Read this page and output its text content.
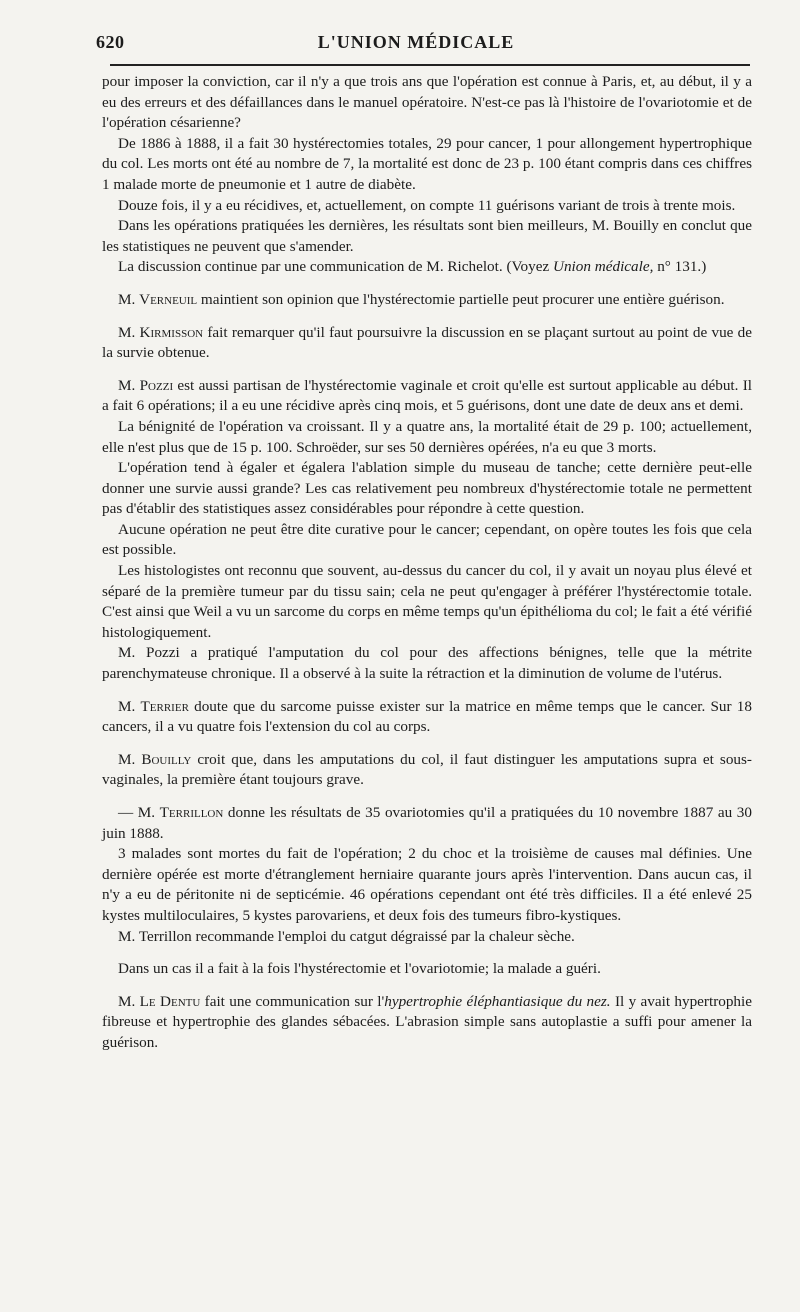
620	L'UNION MÉDICALE

pour imposer la conviction, car il n'y a que trois ans que l'opération est connue à Paris, et, au début, il y a eu des erreurs et des défaillances dans le manuel opératoire. N'est-ce pas là l'histoire de l'ovariotomie et de l'opération césarienne?

De 1886 à 1888, il a fait 30 hystérectomies totales, 29 pour cancer, 1 pour allongement hypertrophique du col. Les morts ont été au nombre de 7, la mortalité est donc de 23 p. 100 étant compris dans ces chiffres 1 malade morte de pneumonie et 1 autre de diabète.

Douze fois, il y a eu récidives, et, actuellement, on compte 11 guérisons variant de trois à trente mois.

Dans les opérations pratiquées les dernières, les résultats sont bien meilleurs, M. Bouilly en conclut que les statistiques ne peuvent que s'amender.

La discussion continue par une communication de M. Richelot. (Voyez Union médicale, n° 131.)

M. Verneuil maintient son opinion que l'hystérectomie partielle peut procurer une entière guérison.

M. Kirmisson fait remarquer qu'il faut poursuivre la discussion en se plaçant surtout au point de vue de la survie obtenue.

M. Pozzi est aussi partisan de l'hystérectomie vaginale et croit qu'elle est surtout applicable au début. Il a fait 6 opérations; il a eu une récidive après cinq mois, et 5 guérisons, dont une date de deux ans et demi.

La bénignité de l'opération va croissant. Il y a quatre ans, la mortalité était de 29 p. 100; actuellement, elle n'est plus que de 15 p. 100. Schroëder, sur ses 50 dernières opérées, n'a eu que 3 morts.

L'opération tend à égaler et égalera l'ablation simple du museau de tanche; cette dernière peut-elle donner une survie aussi grande? Les cas relativement peu nombreux d'hystérectomie totale ne permettent pas d'établir des statistiques assez considérables pour répondre à cette question.

Aucune opération ne peut être dite curative pour le cancer; cependant, on opère toutes les fois que cela est possible.

Les histologistes ont reconnu que souvent, au-dessus du cancer du col, il y avait un noyau plus élevé et séparé de la première tumeur par du tissu sain; cela ne peut qu'engager à préférer l'hystérectomie totale. C'est ainsi que Weil a vu un sarcome du corps en même temps qu'un épithélioma du col; le fait a été vérifié histologiquement.

M. Pozzi a pratiqué l'amputation du col pour des affections bénignes, telle que la métrite parenchymateuse chronique. Il a observé à la suite la rétraction et la diminution de volume de l'utérus.

M. Terrier doute que du sarcome puisse exister sur la matrice en même temps que le cancer. Sur 18 cancers, il a vu quatre fois l'extension du col au corps.

M. Bouilly croit que, dans les amputations du col, il faut distinguer les amputations supra et sous-vaginales, la première étant toujours grave.

— M. Terrillon donne les résultats de 35 ovariotomies qu'il a pratiquées du 10 novembre 1887 au 30 juin 1888.

3 malades sont mortes du fait de l'opération; 2 du choc et la troisième de causes mal définies. Une dernière opérée est morte d'étranglement herniaire quarante jours après l'intervention. Dans aucun cas, il n'y a eu de péritonite ni de septicémie. 46 opérations cependant ont été très difficiles. Il a été enlevé 25 kystes multiloculaires, 5 kystes parovariens, et deux fois des tumeurs fibro-kystiques.

M. Terrillon recommande l'emploi du catgut dégraissé par la chaleur sèche.

Dans un cas il a fait à la fois l'hystérectomie et l'ovariotomie; la malade a guéri.

M. Le Dentu fait une communication sur l'hypertrophie éléphantiasique du nez. Il y avait hypertrophie fibreuse et hypertrophie des glandes sébacées. L'abrasion simple sans autoplastie a suffi pour amener la guérison.
